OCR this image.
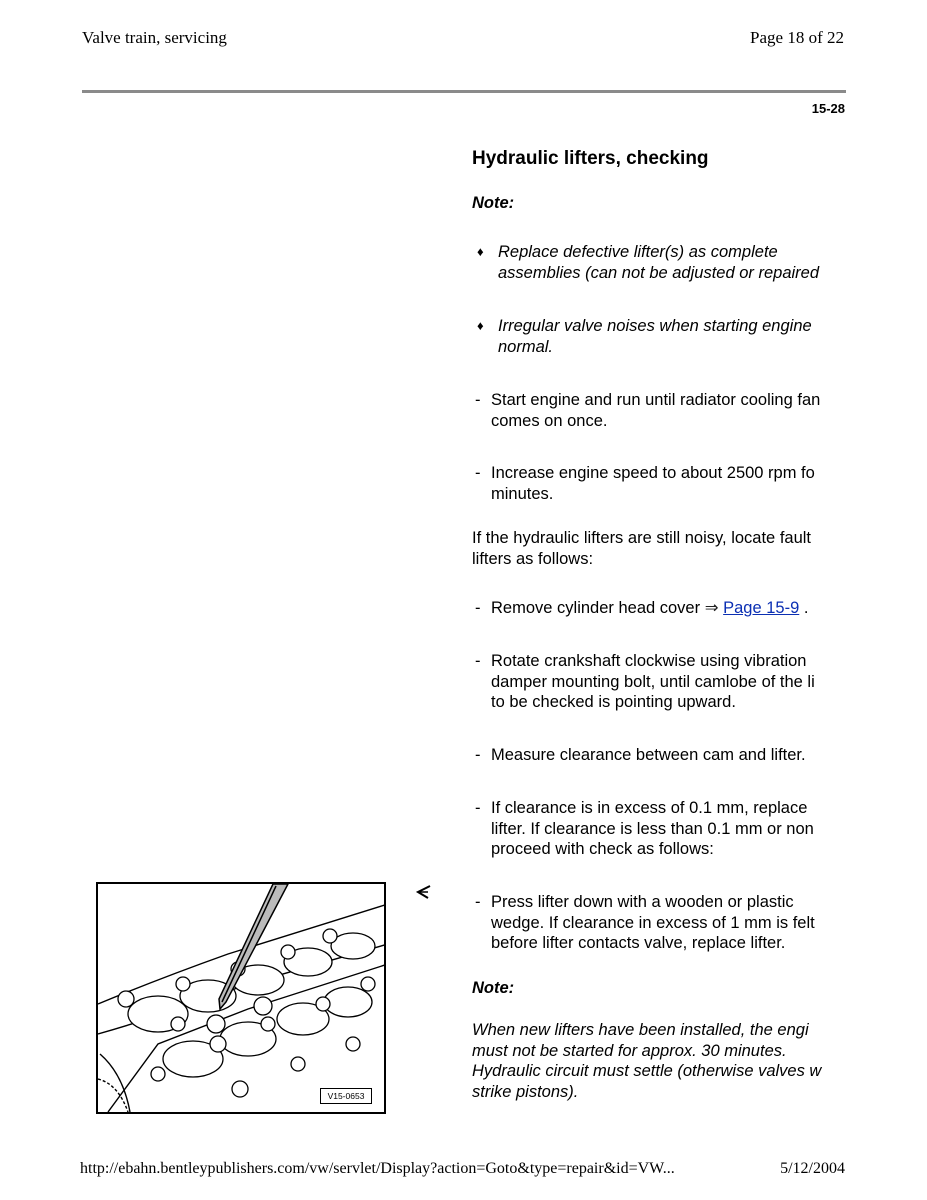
Valve train, servicing	Page 18 of 22
15-28
Hydraulic lifters, checking
Note:
♦ Replace defective lifter(s) as complete
assemblies (can not be adjusted or repaired
♦ Irregular valve noises when starting engine
normal.
- Start engine and run until radiator cooling fan
comes on once.
- Increase engine speed to about 2500 rpm fo
minutes.
If the hydraulic lifters are still noisy, locate fault
lifters as follows:
- Remove cylinder head cover ⇒ Page 15-9 .
- Rotate crankshaft clockwise using vibration
damper mounting bolt, until camlobe of the li
to be checked is pointing upward.
- Measure clearance between cam and lifter.
- If clearance is in excess of 0.1 mm, replace
lifter. If clearance is less than 0.1 mm or non
proceed with check as follows:
- Press lifter down with a wooden or plastic
wedge. If clearance in excess of 1 mm is felt
before lifter contacts valve, replace lifter.
Note:
When new lifters have been installed, the engi
must not be started for approx. 30 minutes.
Hydraulic circuit must settle (otherwise valves w
strike pistons).
V15-0653
http://ebahn.bentleypublishers.com/vw/servlet/Display?action=Goto&type=repair&id=VW...	5/12/2004
